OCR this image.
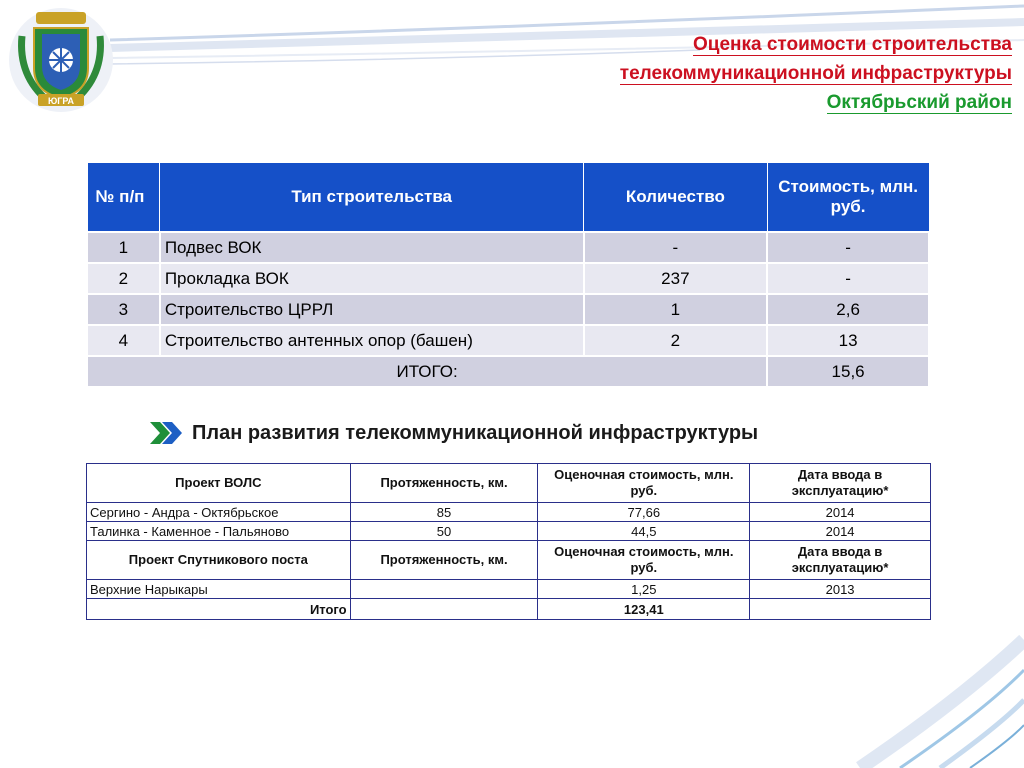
ЮГРА
Оценка стоимости строительства
телекоммуникационной инфраструктуры
Октябрьский район
№ п/п	Тип строительства	Количество	Стоимость, млн. руб.
1	Подвес ВОК	-	-
2	Прокладка ВОК	237	-
3	Строительство ЦРРЛ	1	2,6
4	Строительство антенных опор (башен)	2	13
ИТОГО:			15,6
План развития телекоммуникационной инфраструктуры
Проект ВОЛС	Протяженность, км.	Оценочная стоимость, млн. руб.	Дата ввода в эксплуатацию*
Сергино - Андра - Октябрьское	85	77,66	2014
Талинка - Каменное - Пальяново	50	44,5	2014
Проект Спутникового поста	Протяженность, км.	Оценочная стоимость, млн. руб.	Дата ввода в эксплуатацию*
Верхние Нарыкары		1,25	2013
Итого		123,41	
